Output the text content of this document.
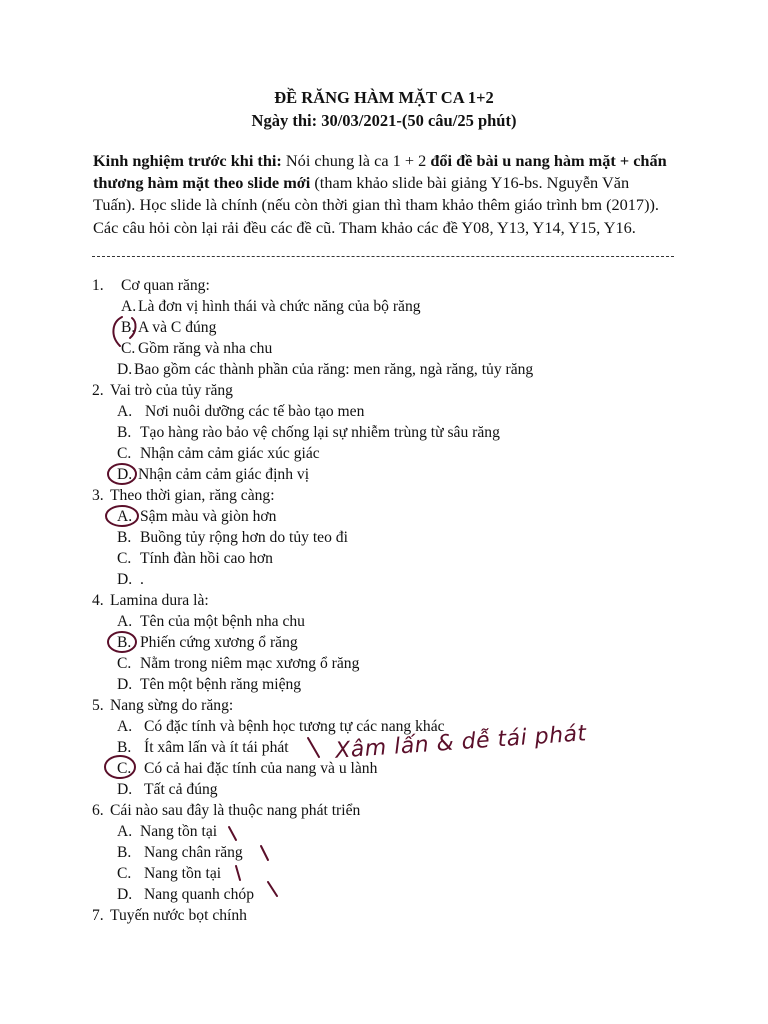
ĐỀ RĂNG HÀM MẶT CA 1+2
Ngày thi: 30/03/2021-(50 câu/25 phút)
Kinh nghiệm trước khi thi: Nói chung là ca 1 + 2 đổi đề bài u nang hàm mặt + chấn thương hàm mặt theo slide mới (tham khảo slide bài giảng Y16-bs. Nguyễn Văn Tuấn). Học slide là chính (nếu còn thời gian thì tham khảo thêm giáo trình bm (2017)). Các câu hỏi còn lại rải đều các đề cũ. Tham khảo các đề Y08, Y13, Y14, Y15, Y16.
1. Cơ quan răng:
A. Là đơn vị hình thái và chức năng của bộ răng
B. A và C đúng
C. Gồm răng và nha chu
D. Bao gồm các thành phần của răng: men răng, ngà răng, tủy răng
2. Vai trò của tủy răng
A. Nơi nuôi dưỡng các tế bào tạo men
B. Tạo hàng rào bảo vệ chống lại sự nhiễm trùng từ sâu răng
C. Nhận cảm cảm giác xúc giác
D. Nhận cảm cảm giác định vị
3. Theo thời gian, răng càng:
A. Sậm màu và giòn hơn
B. Buồng tủy rộng hơn do tủy teo đi
C. Tính đàn hồi cao hơn
D. .
4. Lamina dura là:
A. Tên của một bệnh nha chu
B. Phiến cứng xương ổ răng
C. Nằm trong niêm mạc xương ổ răng
D. Tên một bệnh răng miệng
5. Nang sừng do răng:
A. Có đặc tính và bệnh học tương tự các nang khác
B. Ít xâm lấn và ít tái phát
C. Có cả hai đặc tính của nang và u lành
D. Tất cả đúng
6. Cái nào sau đây là thuộc nang phát triển
A. Nang tồn tại
B. Nang chân răng
C. Nang tồn tại
D. Nang quanh chóp
7. Tuyến nước bọt chính
Xâm lấn & dễ tái phát
